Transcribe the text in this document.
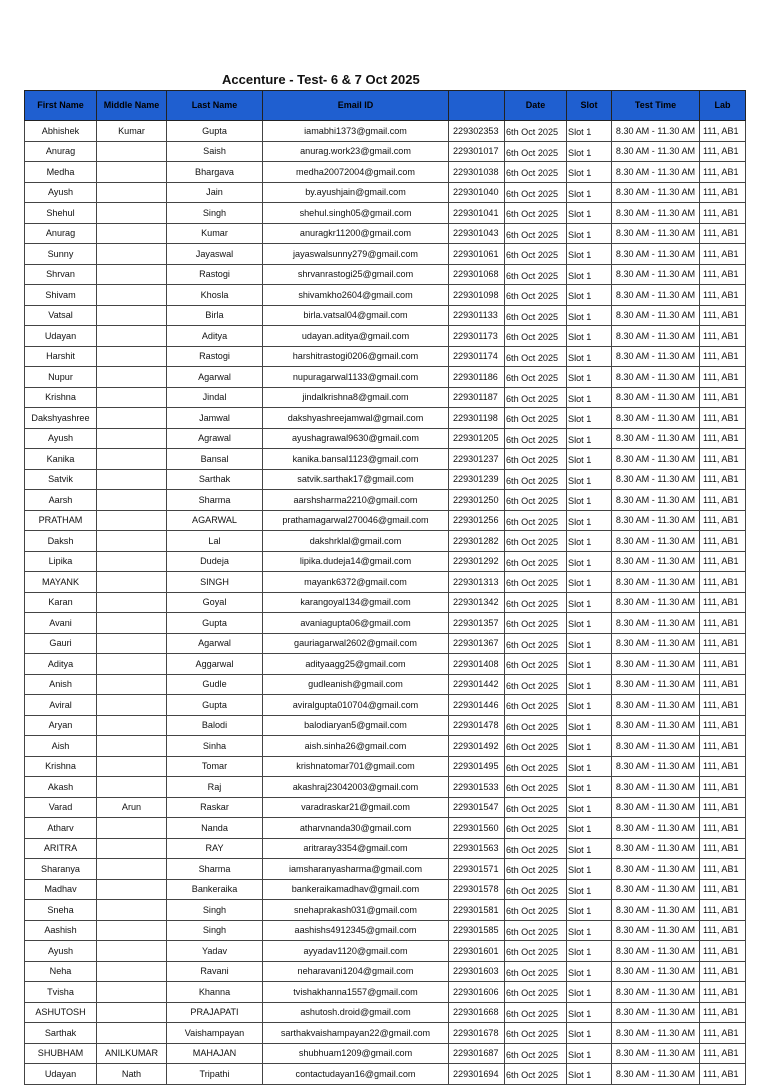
Accenture - Test- 6 & 7 Oct 2025
First Name	Middle Name	Last Name	Email ID		Date	Slot	Test Time	Lab
Abhishek	Kumar	Gupta	iamabhi1373@gmail.com	229302353	6th Oct 2025	Slot 1	8.30 AM - 11.30 AM	111, AB1
Anurag		Saish	anurag.work23@gmail.com	229301017	6th Oct 2025	Slot 1	8.30 AM - 11.30 AM	111, AB1
Medha		Bhargava	medha20072004@gmail.com	229301038	6th Oct 2025	Slot 1	8.30 AM - 11.30 AM	111, AB1
Ayush		Jain	by.ayushjain@gmail.com	229301040	6th Oct 2025	Slot 1	8.30 AM - 11.30 AM	111, AB1
Shehul		Singh	shehul.singh05@gmail.com	229301041	6th Oct 2025	Slot 1	8.30 AM - 11.30 AM	111, AB1
Anurag		Kumar	anuragkr11200@gmail.com	229301043	6th Oct 2025	Slot 1	8.30 AM - 11.30 AM	111, AB1
Sunny		Jayaswal	jayaswalsunny279@gmail.com	229301061	6th Oct 2025	Slot 1	8.30 AM - 11.30 AM	111, AB1
Shrvan		Rastogi	shrvanrastogi25@gmail.com	229301068	6th Oct 2025	Slot 1	8.30 AM - 11.30 AM	111, AB1
Shivam		Khosla	shivamkho2604@gmail.com	229301098	6th Oct 2025	Slot 1	8.30 AM - 11.30 AM	111, AB1
Vatsal		Birla	birla.vatsal04@gmail.com	229301133	6th Oct 2025	Slot 1	8.30 AM - 11.30 AM	111, AB1
Udayan		Aditya	udayan.aditya@gmail.com	229301173	6th Oct 2025	Slot 1	8.30 AM - 11.30 AM	111, AB1
Harshit		Rastogi	harshitrastogi0206@gmail.com	229301174	6th Oct 2025	Slot 1	8.30 AM - 11.30 AM	111, AB1
Nupur		Agarwal	nupuragarwal1133@gmail.com	229301186	6th Oct 2025	Slot 1	8.30 AM - 11.30 AM	111, AB1
Krishna		Jindal	jindalkrishna8@gmail.com	229301187	6th Oct 2025	Slot 1	8.30 AM - 11.30 AM	111, AB1
Dakshyashree		Jamwal	dakshyashreejamwal@gmail.com	229301198	6th Oct 2025	Slot 1	8.30 AM - 11.30 AM	111, AB1
Ayush		Agrawal	ayushagrawal9630@gmail.com	229301205	6th Oct 2025	Slot 1	8.30 AM - 11.30 AM	111, AB1
Kanika		Bansal	kanika.bansal1123@gmail.com	229301237	6th Oct 2025	Slot 1	8.30 AM - 11.30 AM	111, AB1
Satvik		Sarthak	satvik.sarthak17@gmail.com	229301239	6th Oct 2025	Slot 1	8.30 AM - 11.30 AM	111, AB1
Aarsh		Sharma	aarshsharma2210@gmail.com	229301250	6th Oct 2025	Slot 1	8.30 AM - 11.30 AM	111, AB1
PRATHAM		AGARWAL	prathamagarwal270046@gmail.com	229301256	6th Oct 2025	Slot 1	8.30 AM - 11.30 AM	111, AB1
Daksh		Lal	dakshrklal@gmail.com	229301282	6th Oct 2025	Slot 1	8.30 AM - 11.30 AM	111, AB1
Lipika		Dudeja	lipika.dudeja14@gmail.com	229301292	6th Oct 2025	Slot 1	8.30 AM - 11.30 AM	111, AB1
MAYANK		SINGH	mayank6372@gmail.com	229301313	6th Oct 2025	Slot 1	8.30 AM - 11.30 AM	111, AB1
Karan		Goyal	karangoyal134@gmail.com	229301342	6th Oct 2025	Slot 1	8.30 AM - 11.30 AM	111, AB1
Avani		Gupta	avaniagupta06@gmail.com	229301357	6th Oct 2025	Slot 1	8.30 AM - 11.30 AM	111, AB1
Gauri		Agarwal	gauriagarwal2602@gmail.com	229301367	6th Oct 2025	Slot 1	8.30 AM - 11.30 AM	111, AB1
Aditya		Aggarwal	adityaagg25@gmail.com	229301408	6th Oct 2025	Slot 1	8.30 AM - 11.30 AM	111, AB1
Anish		Gudle	gudleanish@gmail.com	229301442	6th Oct 2025	Slot 1	8.30 AM - 11.30 AM	111, AB1
Aviral		Gupta	aviralgupta010704@gmail.com	229301446	6th Oct 2025	Slot 1	8.30 AM - 11.30 AM	111, AB1
Aryan		Balodi	balodiaryan5@gmail.com	229301478	6th Oct 2025	Slot 1	8.30 AM - 11.30 AM	111, AB1
Aish		Sinha	aish.sinha26@gmail.com	229301492	6th Oct 2025	Slot 1	8.30 AM - 11.30 AM	111, AB1
Krishna		Tomar	krishnatomar701@gmail.com	229301495	6th Oct 2025	Slot 1	8.30 AM - 11.30 AM	111, AB1
Akash		Raj	akashraj23042003@gmail.com	229301533	6th Oct 2025	Slot 1	8.30 AM - 11.30 AM	111, AB1
Varad	Arun	Raskar	varadraskar21@gmail.com	229301547	6th Oct 2025	Slot 1	8.30 AM - 11.30 AM	111, AB1
Atharv		Nanda	atharvnanda30@gmail.com	229301560	6th Oct 2025	Slot 1	8.30 AM - 11.30 AM	111, AB1
ARITRA		RAY	aritraray3354@gmail.com	229301563	6th Oct 2025	Slot 1	8.30 AM - 11.30 AM	111, AB1
Sharanya		Sharma	iamsharanyasharma@gmail.com	229301571	6th Oct 2025	Slot 1	8.30 AM - 11.30 AM	111, AB1
Madhav		Bankeraika	bankeraikamadhav@gmail.com	229301578	6th Oct 2025	Slot 1	8.30 AM - 11.30 AM	111, AB1
Sneha		Singh	snehaprakash031@gmail.com	229301581	6th Oct 2025	Slot 1	8.30 AM - 11.30 AM	111, AB1
Aashish		Singh	aashishs4912345@gmail.com	229301585	6th Oct 2025	Slot 1	8.30 AM - 11.30 AM	111, AB1
Ayush		Yadav	ayyadav1120@gmail.com	229301601	6th Oct 2025	Slot 1	8.30 AM - 11.30 AM	111, AB1
Neha		Ravani	neharavani1204@gmail.com	229301603	6th Oct 2025	Slot 1	8.30 AM - 11.30 AM	111, AB1
Tvisha		Khanna	tvishakhanna1557@gmail.com	229301606	6th Oct 2025	Slot 1	8.30 AM - 11.30 AM	111, AB1
ASHUTOSH		PRAJAPATI	ashutosh.droid@gmail.com	229301668	6th Oct 2025	Slot 1	8.30 AM - 11.30 AM	111, AB1
Sarthak		Vaishampayan	sarthakvaishampayan22@gmail.com	229301678	6th Oct 2025	Slot 1	8.30 AM - 11.30 AM	111, AB1
SHUBHAM	ANILKUMAR	MAHAJAN	shubhuam1209@gmail.com	229301687	6th Oct 2025	Slot 1	8.30 AM - 11.30 AM	111, AB1
Udayan	Nath	Tripathi	contactudayan16@gmail.com	229301694	6th Oct 2025	Slot 1	8.30 AM - 11.30 AM	111, AB1
